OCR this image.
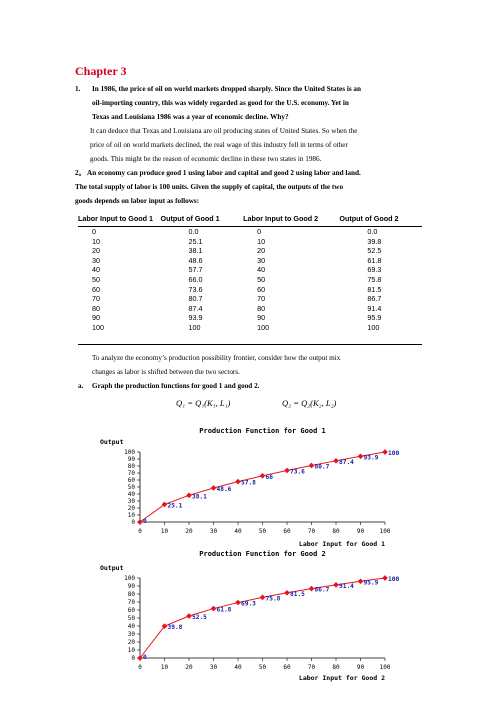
Chapter 3
1. In 1986, the price of oil on world markets dropped sharply. Since the United States is an
oil-importing country, this was widely regarded as good for the U.S. economy. Yet in
Texas and Louisiana 1986 was a year of economic decline. Why?
It can deduce that Texas and Louisiana are oil producing states of United States. So when the
price of oil on world markets declined, the real wage of this industry fell in terms of other
goods. This might be the reason of economic decline in these two states in 1986.
2。 An economy can produce good 1 using labor and capital and good 2 using labor and land.
The total supply of labor is 100 units. Given the supply of capital, the outputs of the two
goods depends on labor input as follows:
Labor Input to Good 1	Output of Good 1	Labor Input to Good 2	Output of Good 2
0	0.0	0	0.0
10	25.1	10	39.8
20	38.1	20	52.5
30	48.6	30	61.8
40	57.7	40	69.3
50	66.0	50	75.8
60	73.6	60	81.5
70	80.7	70	86.7
80	87.4	80	91.4
90	93.9	90	95.9
100	100	100	100
To analyze the economy’s production possibility frontier, consider how the output mix
changes as labor is shifted between the two sectors.
a. Graph the production functions for good 1 and good 2.
Q₁ = Q₁(K₁, L₁)	Q₂ = Q₂(K₂, L₂)
Production Function for Good 1
Output
0
10
20
30
40
50
60
70
80
90
100
0	10	20	30	40	50	60	70	80	90	100
Labor Input for Good 1
0
25.1
38.1
48.6
57.8
66
73.6
80.7
87.4
93.9
100
Production Function for Good 2
Output
0
10
20
30
40
50
60
70
80
90
100
0	10	20	30	40	50	60	70	80	90	100
Labor Input for Good 2
0
39.8
52.5
61.8
69.3
75.8
81.5
86.7
91.4
95.9 100
